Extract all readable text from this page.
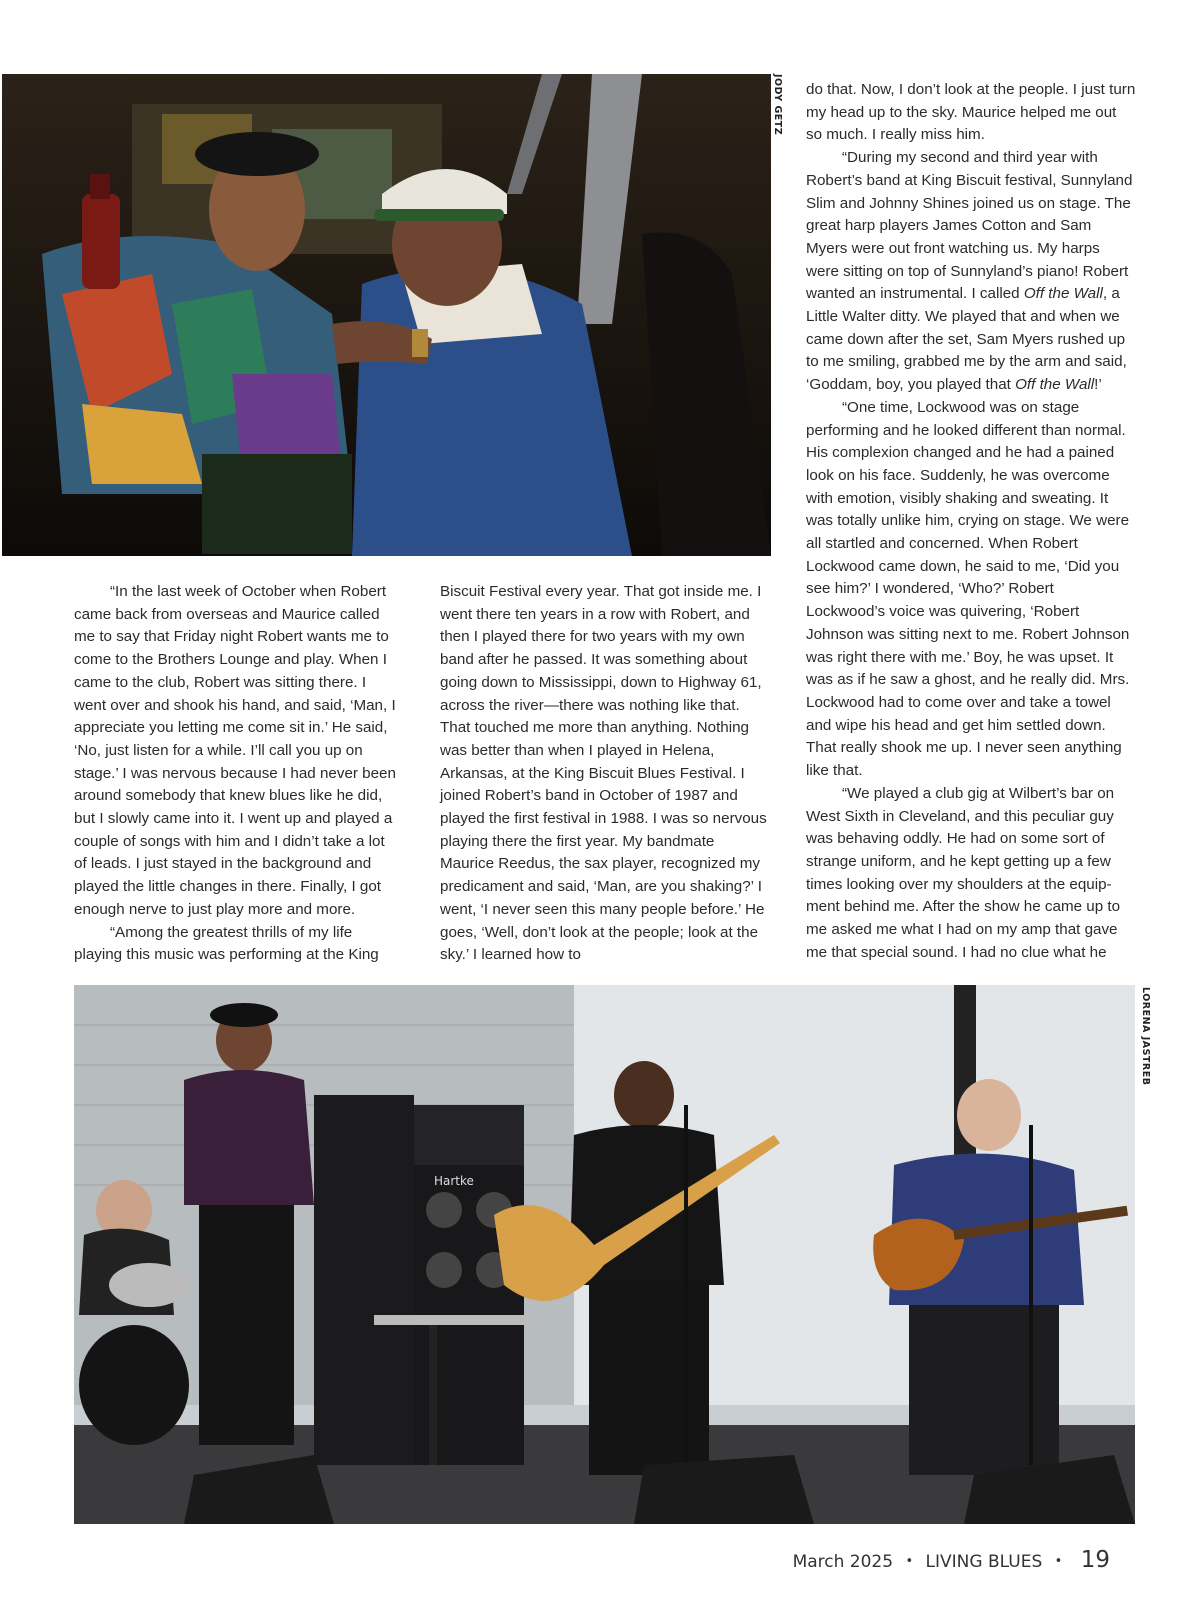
JODY GETZ

“In the last week of October when Robert came back from overseas and Maurice called me to say that Friday night Robert wants me to come to the Brothers Lounge and play. When I came to the club, Robert was sitting there. I went over and shook his hand, and said, ‘Man, I appreciate you letting me come sit in.’ He said, ‘No, just listen for a while. I’ll call you up on stage.’ I was nervous because I had never been around somebody that knew blues like he did, but I slowly came into it. I went up and played a couple of songs with him and I didn’t take a lot of leads. I just stayed in the background and played the little changes in there. Finally, I got enough nerve to just play more and more.

“Among the greatest thrills of my life playing this music was performing at the King

Biscuit Festival every year. That got inside me. I went there ten years in a row with Robert, and then I played there for two years with my own band after he passed. It was something about going down to Mississippi, down to Highway 61, across the river—there was nothing like that. That touched me more than anything. Nothing was better than when I played in Helena, Arkansas, at the King Biscuit Blues Festival. I joined Robert’s band in October of 1987 and played the first festival in 1988. I was so nervous playing there the first year. My bandmate Maurice Reedus, the sax player, recognized my predicament and said, ‘Man, are you shaking?’ I went, ‘I never seen this many people before.’ He goes, ‘Well, don’t look at the people; look at the sky.’ I learned how to

do that. Now, I don’t look at the people. I just turn my head up to the sky. Maurice helped me out so much. I really miss him.

“During my second and third year with Robert’s band at King Biscuit festival, Sunnyland Slim and Johnny Shines joined us on stage. The great harp players James Cotton and Sam Myers were out front watching us. My harps were sitting on top of Sunnyland’s piano! Robert wanted an instrumental. I called Off the Wall, a Little Walter ditty. We played that and when we came down after the set, Sam Myers rushed up to me smiling, grabbed me by the arm and said, ‘Goddam, boy, you played that Off the Wall!’

“One time, Lockwood was on stage performing and he looked different than normal. His complexion changed and he had a pained look on his face. Suddenly, he was overcome with emotion, visibly shaking and sweating. It was totally unlike him, crying on stage. We were all startled and concerned. When Robert Lockwood came down, he said to me, ‘Did you see him?’ I wondered, ‘Who?’ Robert Lockwood’s voice was quivering, ‘Robert Johnson was sitting next to me. Robert Johnson was right there with me.’ Boy, he was upset. It was as if he saw a ghost, and he really did. Mrs. Lockwood had to come over and take a towel and wipe his head and get him settled down. That really shook me up. I never seen anything like that.

“We played a club gig at Wilbert’s bar on West Sixth in Cleveland, and this peculiar guy was behaving oddly. He had on some sort of strange uniform, and he kept getting up a few times looking over my shoulders at the equip-ment behind me. After the show he came up to me asked me what I had on my amp that gave me that special sound. I had no clue what he

Hartke
LORENA JASTREB
March 2025 • LIVING BLUES • 19
